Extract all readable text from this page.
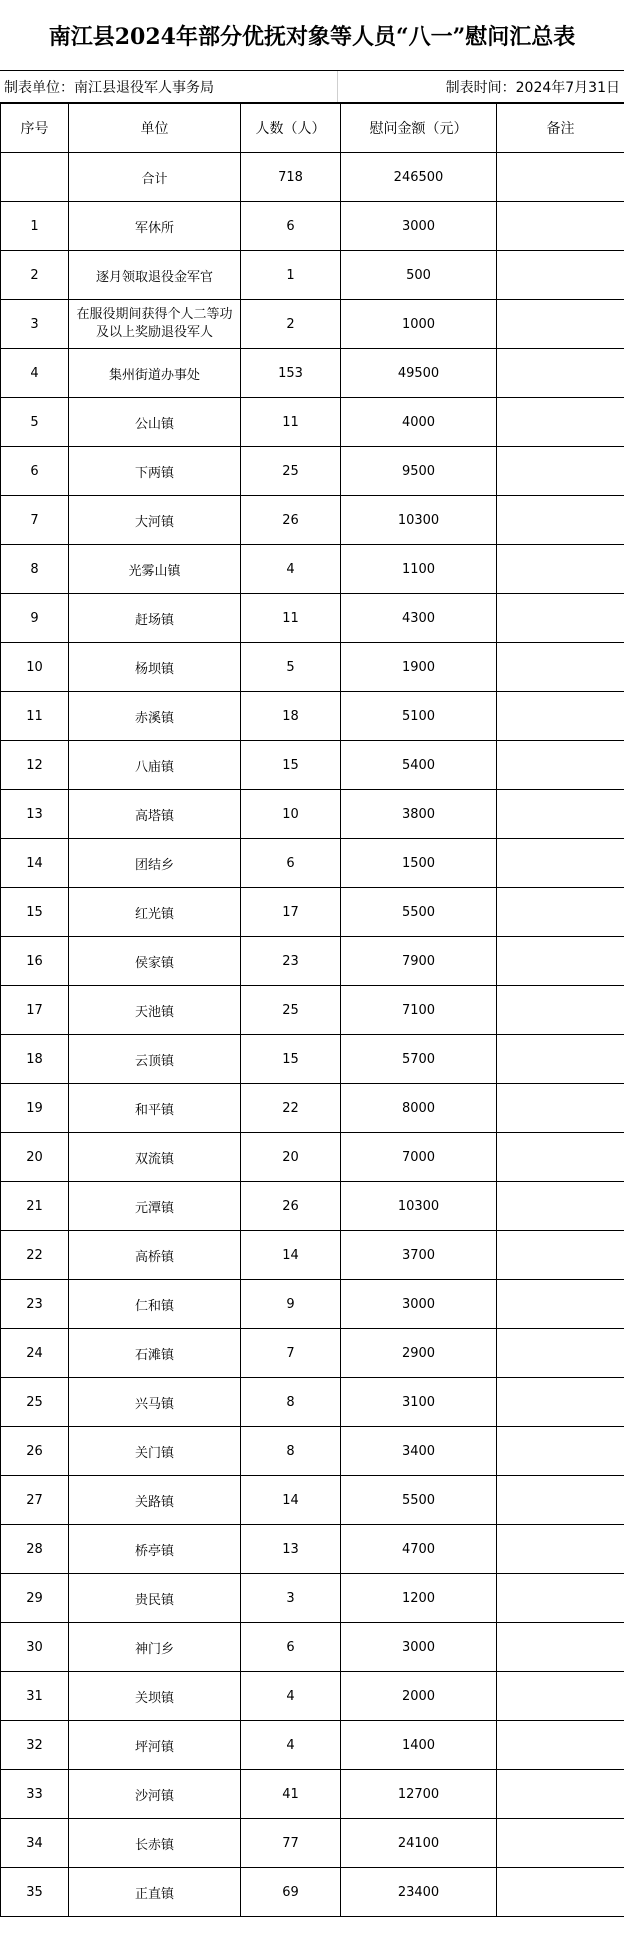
南江县2024年部分优抚对象等人员“八一”慰问汇总表
制表单位：南江县退役军人事务局	制表时间：2024年7月31日
序号	单位	人数（人）	慰问金额（元）	备注
	合计	718	246500	
1	军休所	6	3000	
2	逐月领取退役金军官	1	500	
3	在服役期间获得个人二等功及以上奖励退役军人	2	1000	
4	集州街道办事处	153	49500	
5	公山镇	11	4000	
6	下两镇	25	9500	
7	大河镇	26	10300	
8	光雾山镇	4	1100	
9	赶场镇	11	4300	
10	杨坝镇	5	1900	
11	赤溪镇	18	5100	
12	八庙镇	15	5400	
13	高塔镇	10	3800	
14	团结乡	6	1500	
15	红光镇	17	5500	
16	侯家镇	23	7900	
17	天池镇	25	7100	
18	云顶镇	15	5700	
19	和平镇	22	8000	
20	双流镇	20	7000	
21	元潭镇	26	10300	
22	高桥镇	14	3700	
23	仁和镇	9	3000	
24	石滩镇	7	2900	
25	兴马镇	8	3100	
26	关门镇	8	3400	
27	关路镇	14	5500	
28	桥亭镇	13	4700	
29	贵民镇	3	1200	
30	神门乡	6	3000	
31	关坝镇	4	2000	
32	坪河镇	4	1400	
33	沙河镇	41	12700	
34	长赤镇	77	24100	
35	正直镇	69	23400	
